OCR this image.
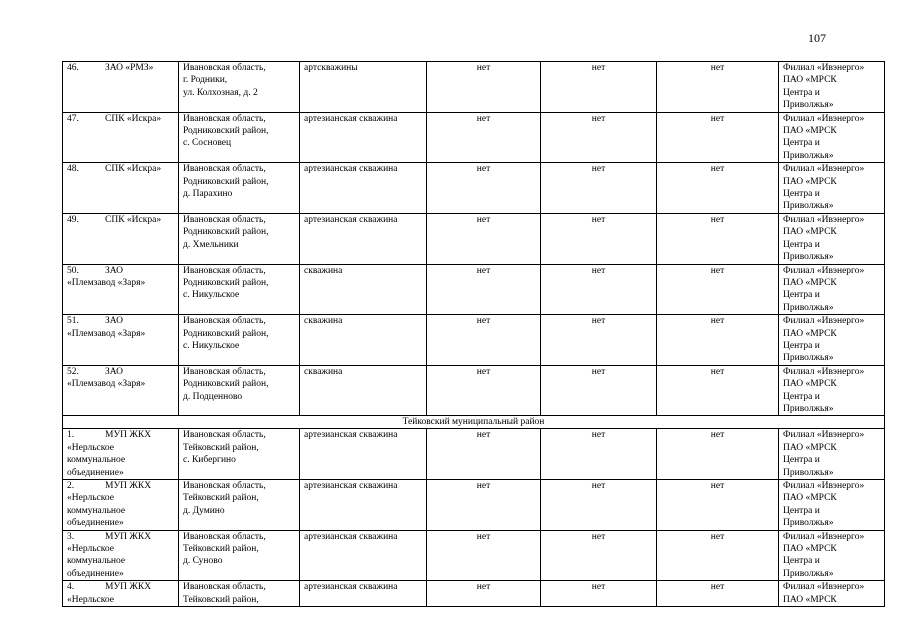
107
46. ЗАО «РМЗ»	Ивановская область,
г. Родники,
ул. Колхозная, д. 2	артскважины	нет	нет	нет	Филиал «Ивэнерго»
ПАО «МРСК
Центра и
Приволжья»

47. СПК «Искра»	Ивановская область,
Родниковский район,
с. Сосновец	артезианская скважина	нет	нет	нет	Филиал «Ивэнерго»
ПАО «МРСК
Центра и
Приволжья»

48. СПК «Искра»	Ивановская область,
Родниковский район,
д. Парахино	артезианская скважина	нет	нет	нет	Филиал «Ивэнерго»
ПАО «МРСК
Центра и
Приволжья»

49. СПК «Искра»	Ивановская область,
Родниковский район,
д. Хмельники	артезианская скважина	нет	нет	нет	Филиал «Ивэнерго»
ПАО «МРСК
Центра и
Приволжья»

50. ЗАО
«Племзавод «Заря»	Ивановская область,
Родниковский район,
с. Никульское	скважина	нет	нет	нет	Филиал «Ивэнерго»
ПАО «МРСК
Центра и
Приволжья»

51. ЗАО
«Племзавод «Заря»	Ивановская область,
Родниковский район,
с. Никульское	скважина	нет	нет	нет	Филиал «Ивэнерго»
ПАО «МРСК
Центра и
Приволжья»

52. ЗАО
«Племзавод «Заря»	Ивановская область,
Родниковский район,
д. Подценново	скважина	нет	нет	нет	Филиал «Ивэнерго»
ПАО «МРСК
Центра и
Приволжья»

Тейковский муниципальный район						

1. МУП ЖКХ
«Нерльское
коммунальное
объединение»	Ивановская область,
Тейковский район,
с. Кибергино	артезианская скважина	нет	нет	нет	Филиал «Ивэнерго»
ПАО «МРСК
Центра и
Приволжья»

2. МУП ЖКХ
«Нерльское
коммунальное
объединение»	Ивановская область,
Тейковский район,
д. Думино	артезианская скважина	нет	нет	нет	Филиал «Ивэнерго»
ПАО «МРСК
Центра и
Приволжья»

3. МУП ЖКХ
«Нерльское
коммунальное
объединение»	Ивановская область,
Тейковский район,
д. Суново	артезианская скважина	нет	нет	нет	Филиал «Ивэнерго»
ПАО «МРСК
Центра и
Приволжья»

4. МУП ЖКХ
«Нерльское	Ивановская область,
Тейковский район,	артезианская скважина	нет	нет	нет	Филиал «Ивэнерго»
ПАО «МРСК
